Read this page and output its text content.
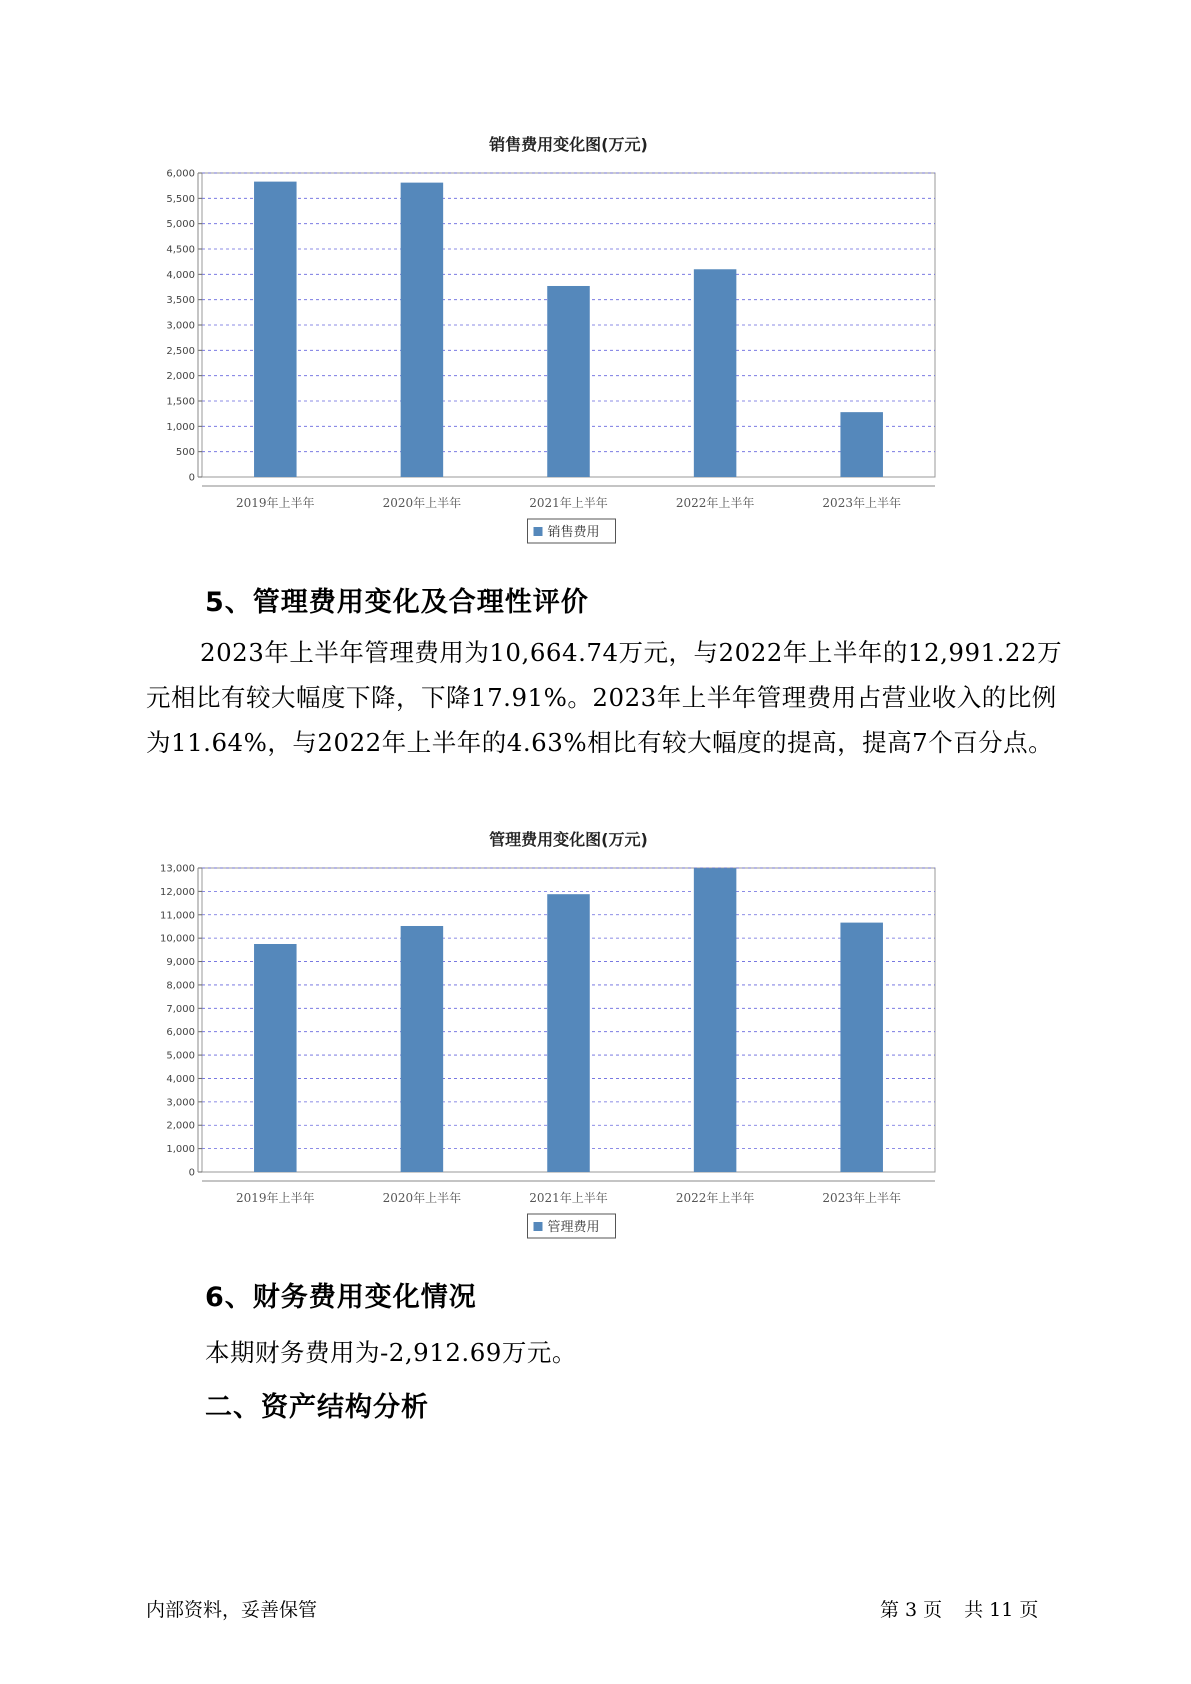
销售费用变化图(万元)
0
500
1,000
1,500
2,000
2,500
3,000
3,500
4,000
4,500
5,000
5,500
6,000
2019年上半年	2020年上半年	2021年上半年	2022年上半年	2023年上半年
销售费用
5、管理费用变化及合理性评价

2023年上半年管理费用为10,664.74万元，与2022年上半年的12,991.22万元相比有较大幅度下降，下降17.91%。2023年上半年管理费用占营业收入的比例为11.64%，与2022年上半年的4.63%相比有较大幅度的提高，提高7个百分点。

管理费用变化图(万元)
0
1,000
2,000
3,000
4,000
5,000
6,000
7,000
8,000
9,000
10,000
11,000
12,000
13,000
2019年上半年	2020年上半年	2021年上半年	2022年上半年	2023年上半年
管理费用
6、财务费用变化情况

本期财务费用为-2,912.69万元。

二、资产结构分析
内部资料，妥善保管	第 3 页 共 11 页
